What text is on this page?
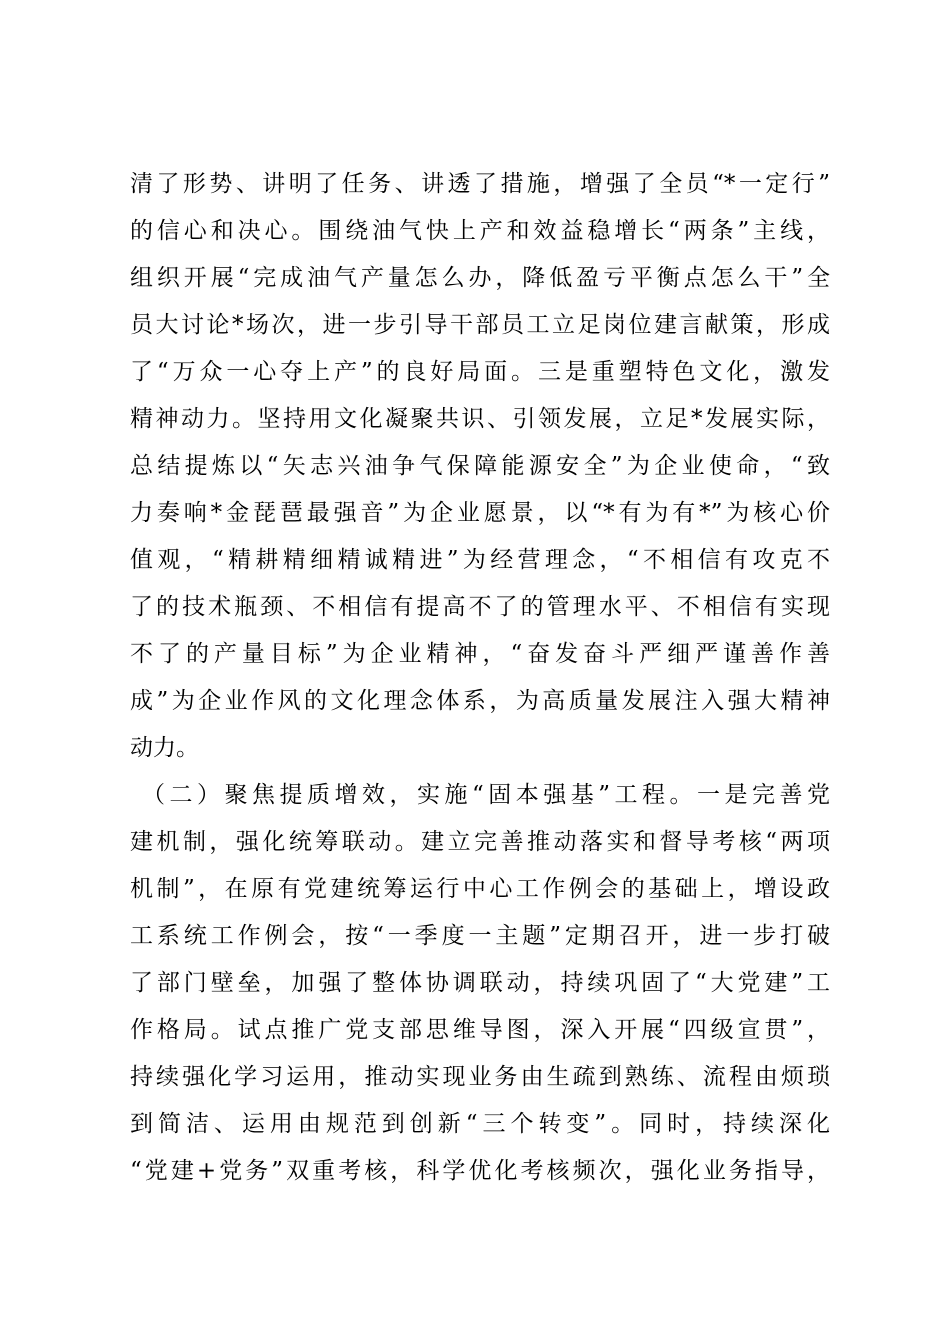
清了形势、讲明了任务、讲透了措施，增强了全员“*一定行”
的信心和决心。围绕油气快上产和效益稳增长“两条”主线，
组织开展“完成油气产量怎么办，降低盈亏平衡点怎么干”全
员大讨论*场次，进一步引导干部员工立足岗位建言献策，形成
了“万众一心夺上产”的良好局面。三是重塑特色文化，激发
精神动力。坚持用文化凝聚共识、引领发展，立足*发展实际，
总结提炼以“矢志兴油争气保障能源安全”为企业使命，“致
力奏响*金琵琶最强音”为企业愿景，以“*有为有*”为核心价
值观，“精耕精细精诚精进”为经营理念，“不相信有攻克不
了的技术瓶颈、不相信有提高不了的管理水平、不相信有实现
不了的产量目标”为企业精神，“奋发奋斗严细严谨善作善
成”为企业作风的文化理念体系，为高质量发展注入强大精神
动力。
（二）聚焦提质增效，实施“固本强基”工程。一是完善党
建机制，强化统筹联动。建立完善推动落实和督导考核“两项
机制”，在原有党建统筹运行中心工作例会的基础上，增设政
工系统工作例会，按“一季度一主题”定期召开，进一步打破
了部门壁垒，加强了整体协调联动，持续巩固了“大党建”工
作格局。试点推广党支部思维导图，深入开展“四级宣贯”，
持续强化学习运用，推动实现业务由生疏到熟练、流程由烦琐
到简洁、运用由规范到创新“三个转变”。同时，持续深化
“党建+党务”双重考核，科学优化考核频次，强化业务指导，
